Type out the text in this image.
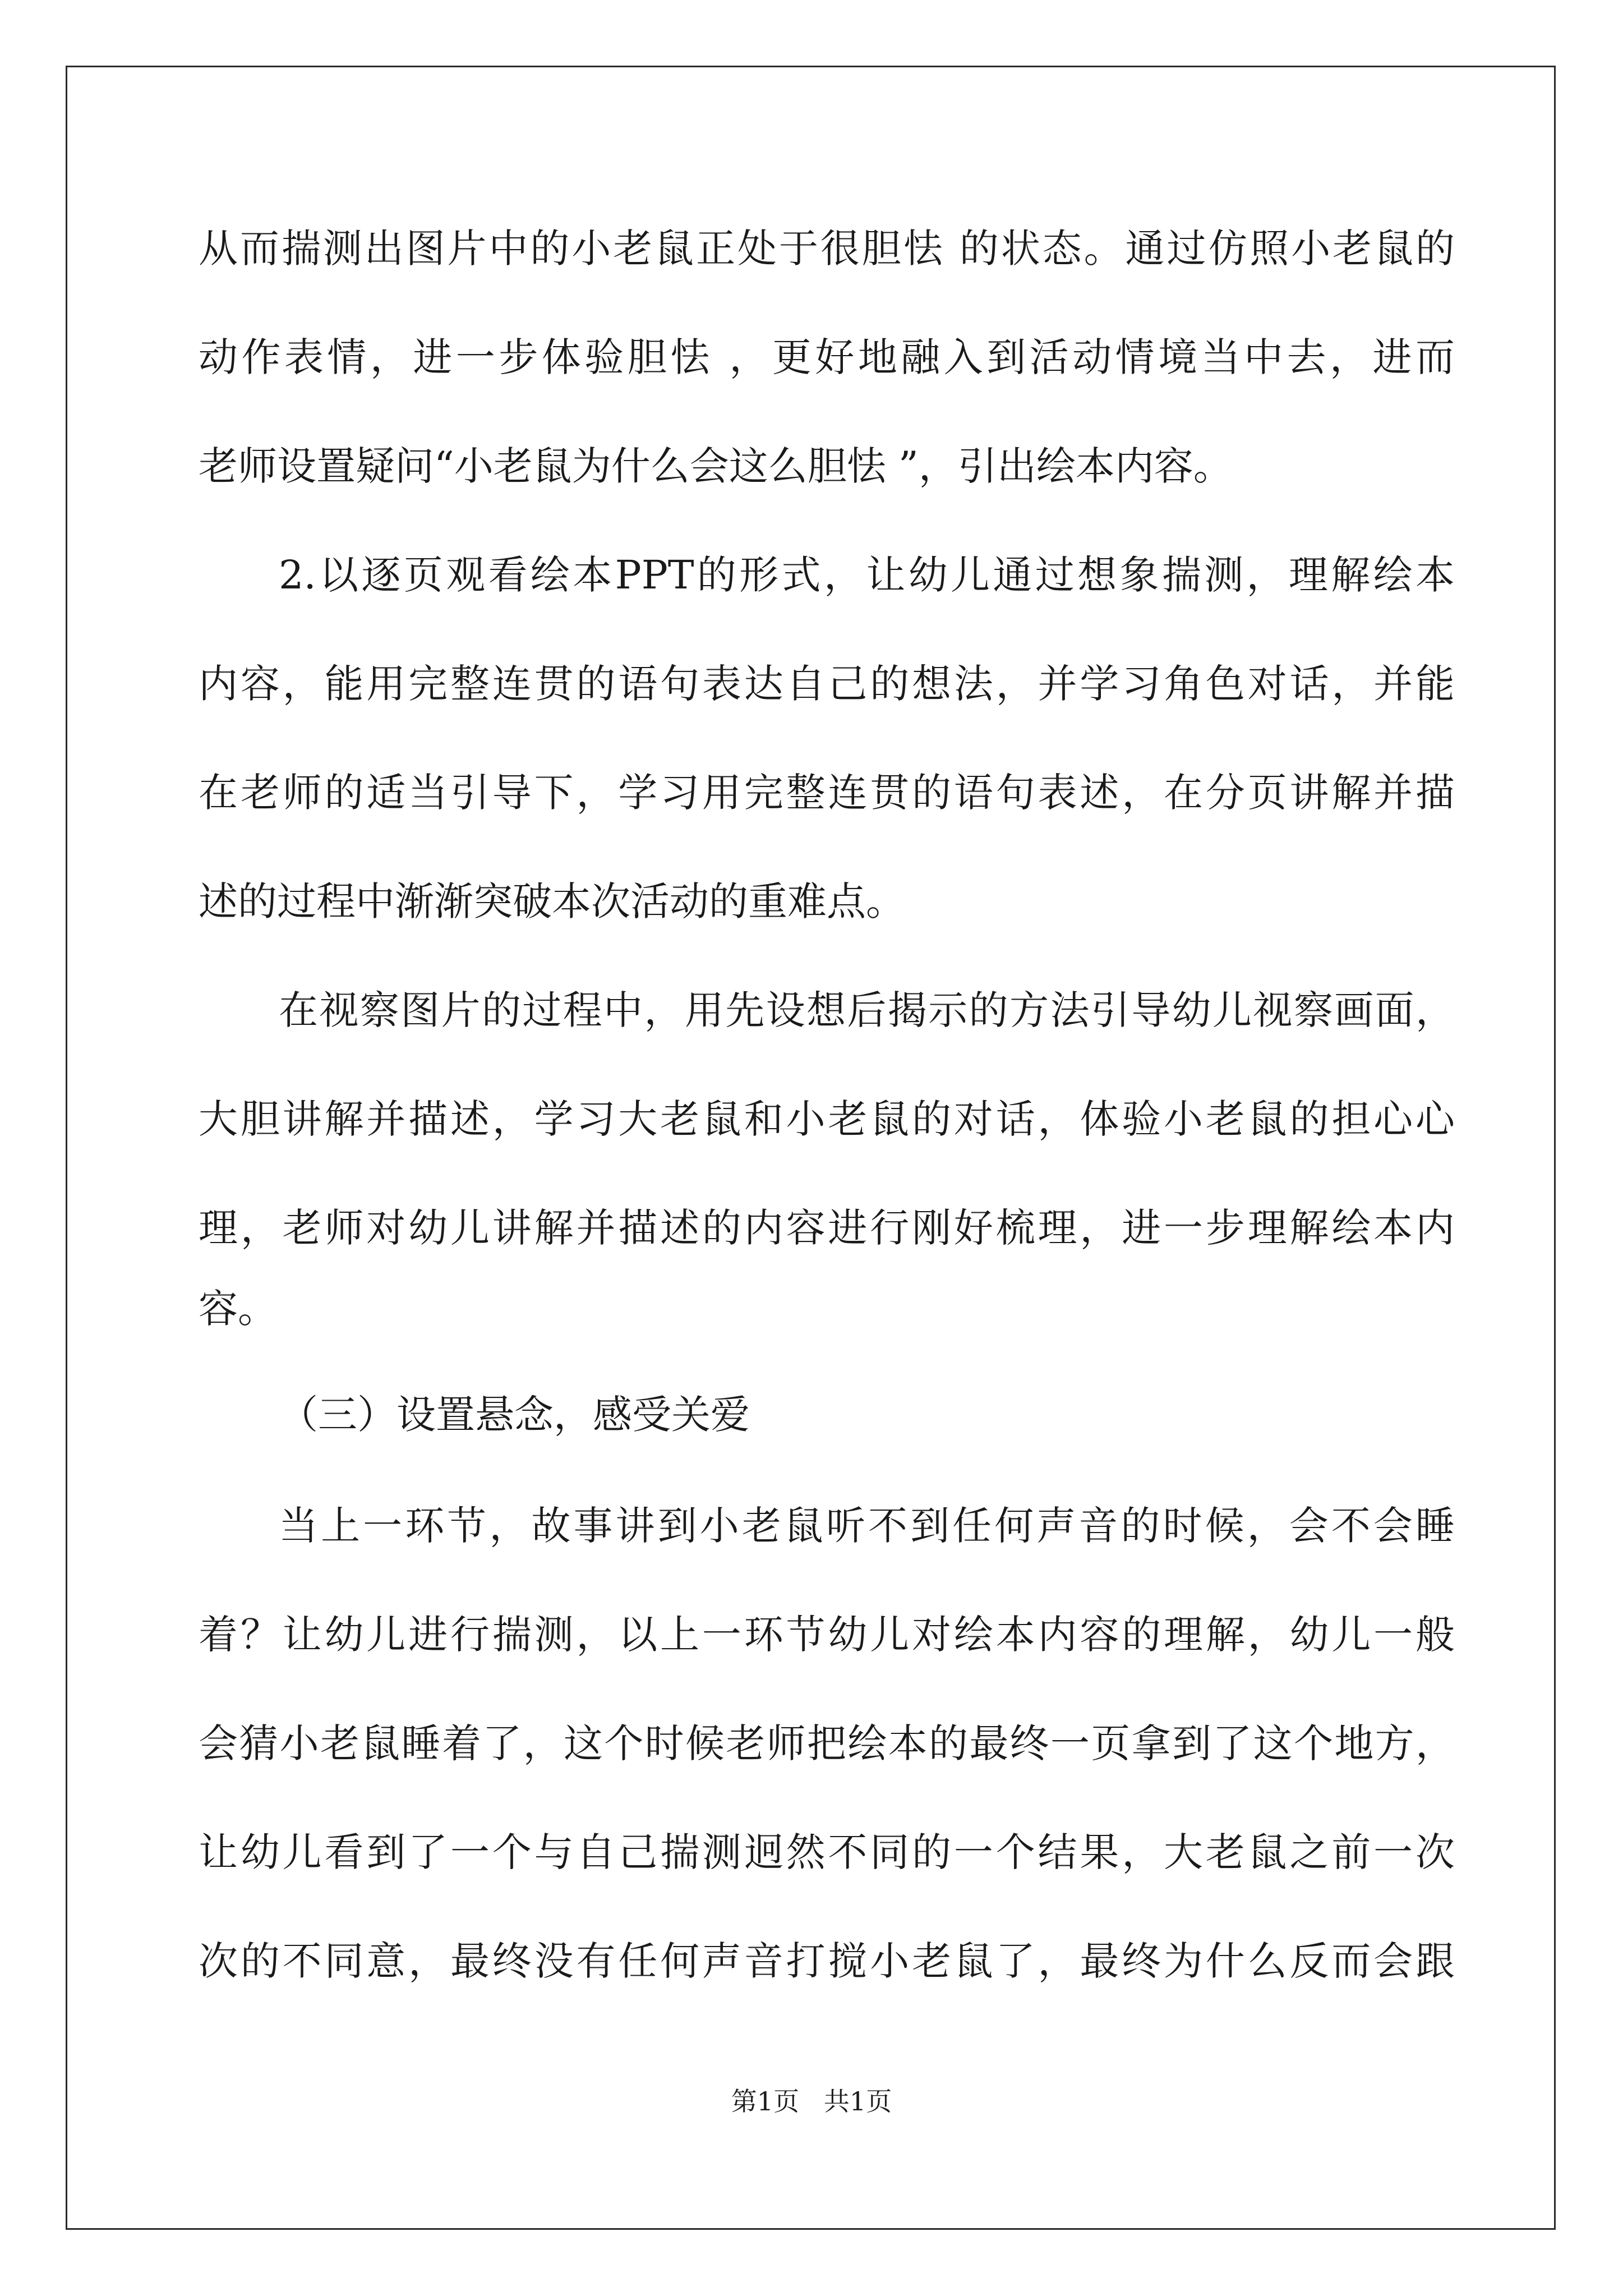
从而揣测出图片中的小老鼠正处于很胆怯 的状态。通过仿照小老鼠的
动作表情，进一步体验胆怯 ，更好地融入到活动情境当中去，进而
老师设置疑问“小老鼠为什么会这么胆怯 ”，引出绘本内容。
2.以逐页观看绘本PPT的形式，让幼儿通过想象揣测，理解绘本
内容，能用完整连贯的语句表达自己的想法，并学习角色对话，并能
在老师的适当引导下，学习用完整连贯的语句表述，在分页讲解并描
述的过程中渐渐突破本次活动的重难点。
在视察图片的过程中，用先设想后揭示的方法引导幼儿视察画面，
大胆讲解并描述，学习大老鼠和小老鼠的对话，体验小老鼠的担心心
理，老师对幼儿讲解并描述的内容进行刚好梳理，进一步理解绘本内
容。
（三）设置悬念，感受关爱
当上一环节，故事讲到小老鼠听不到任何声音的时候，会不会睡
着？让幼儿进行揣测，以上一环节幼儿对绘本内容的理解，幼儿一般
会猜小老鼠睡着了，这个时候老师把绘本的最终一页拿到了这个地方，
让幼儿看到了一个与自己揣测迥然不同的一个结果，大老鼠之前一次
次的不同意，最终没有任何声音打搅小老鼠了，最终为什么反而会跟
第1页   共1页
